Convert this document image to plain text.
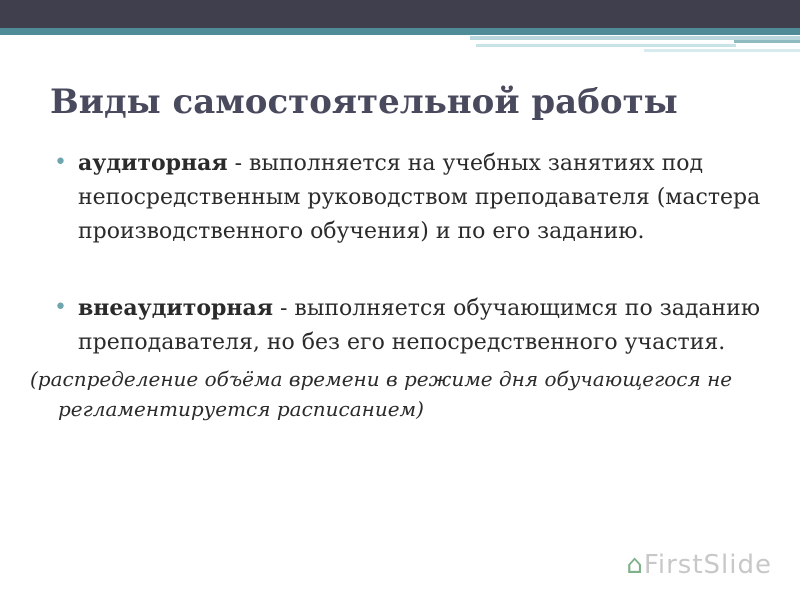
Виды самостоятельной работы
• аудиторная - выполняется на учебных занятиях под непосредственным руководством преподавателя (мастера производственного обучения) и по его заданию.
• внеаудиторная - выполняется обучающимся по заданию преподавателя, но без его непосредственного участия.
(распределение объёма времени в режиме дня обучающегося не регламентируется расписанием)
⌂FirstSlide
